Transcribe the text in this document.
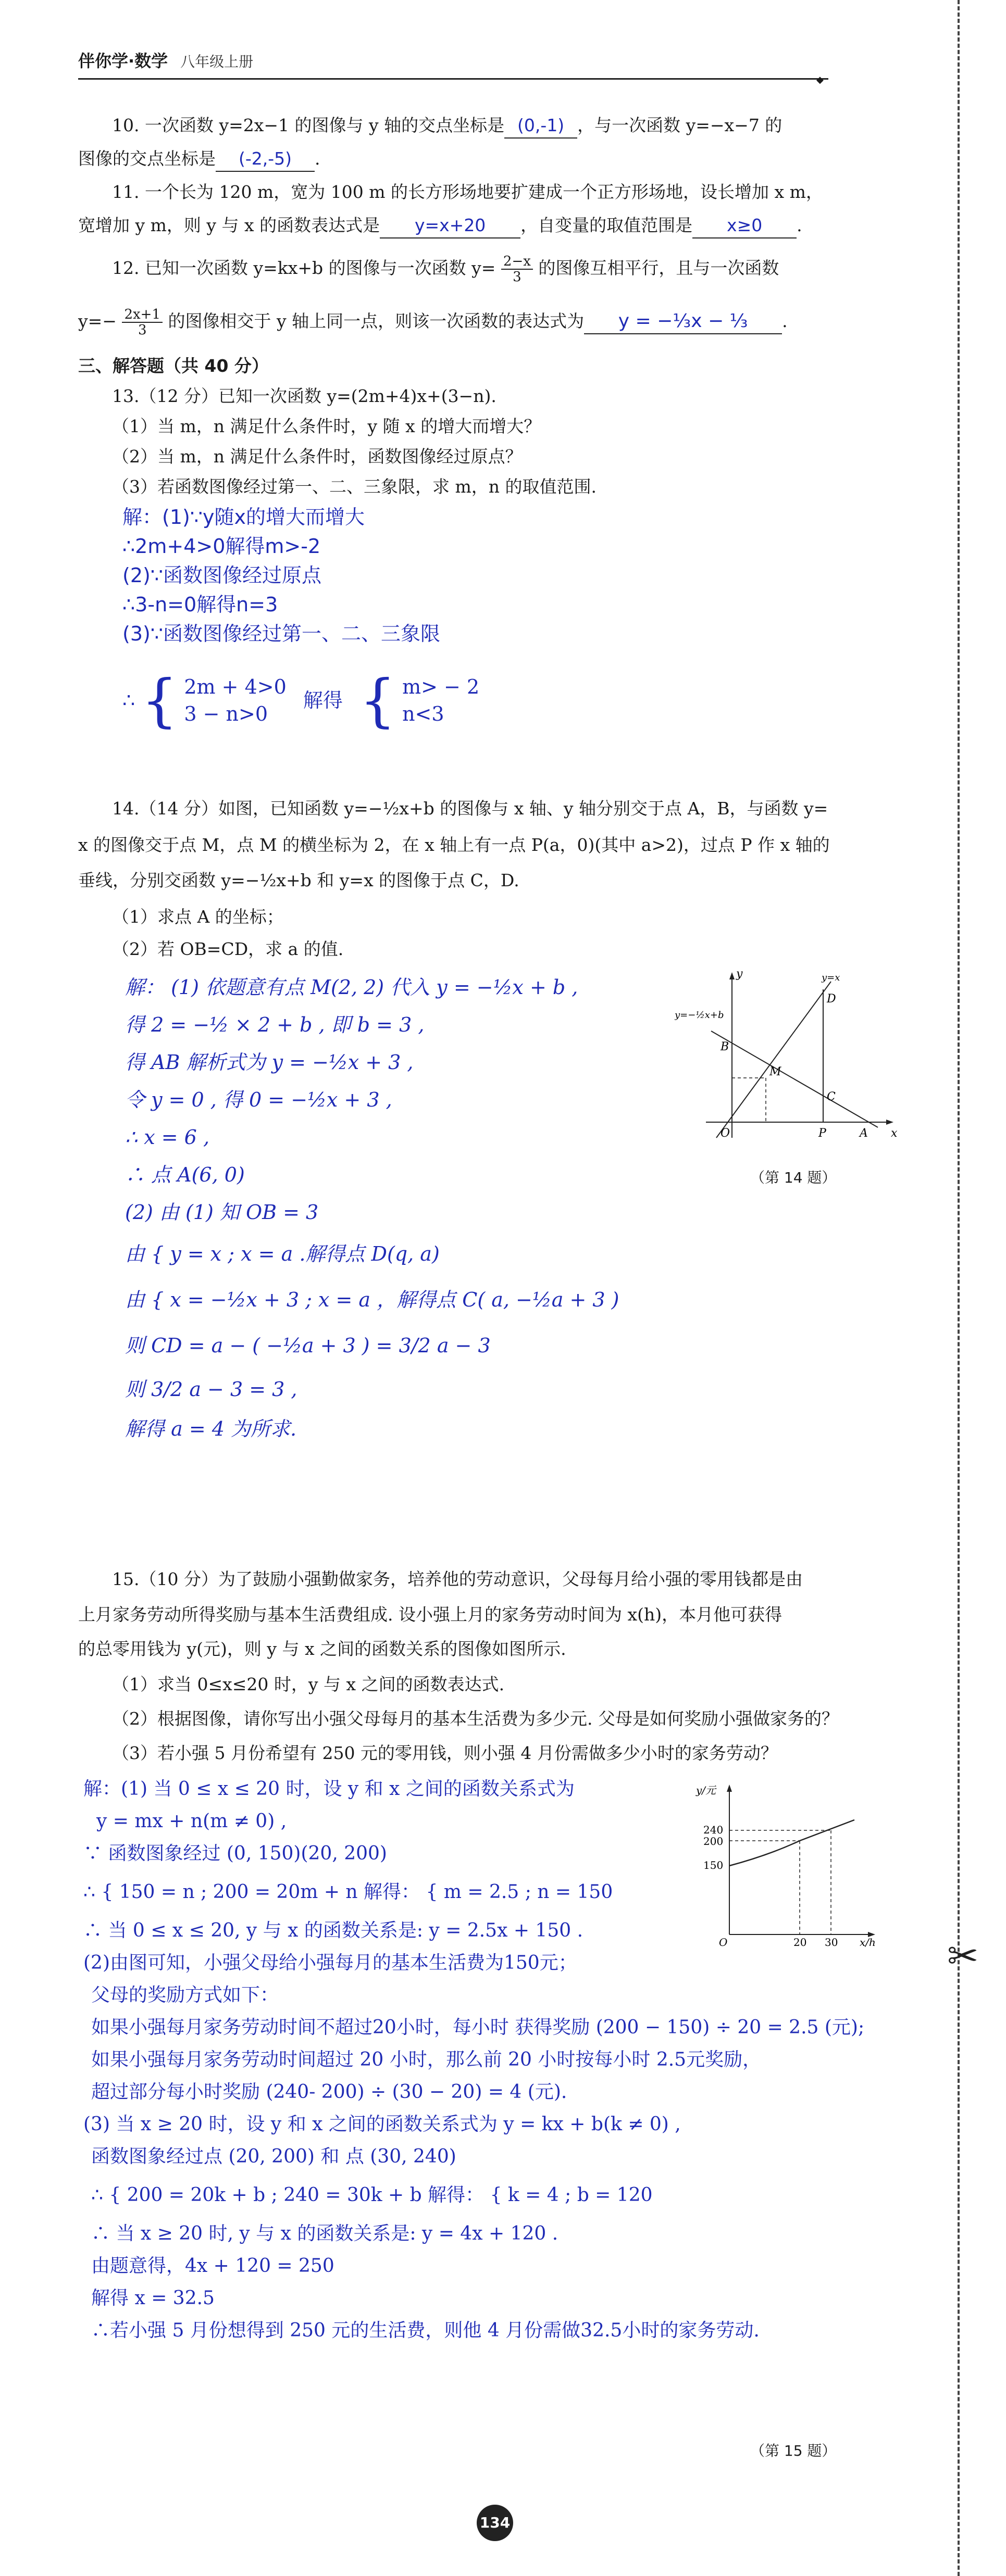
伴你学·数学 八年级上册
◆
✂
10. 一次函数 y=2x−1 的图像与 y 轴的交点坐标是 (0,-1) ，与一次函数 y=−x−7 的
图像的交点坐标是 (-2,-5) .
11. 一个长为 120 m，宽为 100 m 的长方形场地要扩建成一个正方形场地，设长增加 x m，
宽增加 y m，则 y 与 x 的函数表达式是 y=x+20 ，自变量的取值范围是 x≥0 .
12. 已知一次函数 y=kx+b 的图像与一次函数 $y= \frac{2-x}{3}$ 的图像互相平行，且与一次函数
$y=- \frac{2x+1}{3}$ 的图像相交于 y 轴上同一点，则该一次函数的表达式为 y = −⅓x − ⅓ .
三、解答题（共 40 分）
13.（12 分）已知一次函数 y=(2m+4)x+(3−n).
（1）当 m，n 满足什么条件时，y 随 x 的增大而增大？
（2）当 m，n 满足什么条件时，函数图像经过原点？
（3）若函数图像经过第一、二、三象限，求 m，n 的取值范围.
解：(1)∵y随x的增大而增大
∴2m+4>0解得m>-2
(2)∵函数图像经过原点
∴3-n=0解得n=3
(3)∵函数图像经过第一、二、三象限
∴ { 2m + 4>0
3 − n>0
解得 { m> − 2
n<3
14.（14 分）如图，已知函数 y=−½x+b 的图像与 x 轴、y 轴分别交于点 A，B，与函数 y=
x 的图像交于点 M，点 M 的横坐标为 2，在 x 轴上有一点 P(a，0)(其中 a>2)，过点 P 作 x 轴的
垂线，分别交函数 y=−½x+b 和 y=x 的图像于点 C，D.
（1）求点 A 的坐标；
（2）若 OB=CD，求 a 的值.
解： (1) 依题意有点 M(2, 2) 代入 y = −½x + b ,
得 2 = −½ × 2 + b , 即 b = 3 ,
得 AB 解析式为 y = −½x + 3 ,
令 y = 0 , 得 0 = −½x + 3 ,
∴ x = 6 ,
∴ 点 A(6, 0)
(2) 由 (1) 知 OB = 3
由 { y = x ; x = a .解得点 D(q, a)
由 { x = −½x + 3 ; x = a ，解得点 C( a, −½a + 3 )
则 CD = a − ( −½a + 3 ) = 3/2 a − 3
则 3/2 a − 3 = 3 ,
解得 a = 4 为所求.
y
x
O	A
B
M
C
D
P
y=−½x+b
y=x
（第 14 题）
15.（10 分）为了鼓励小强勤做家务，培养他的劳动意识，父母每月给小强的零用钱都是由
上月家务劳动所得奖励与基本生活费组成. 设小强上月的家务劳动时间为 x(h)，本月他可获得
的总零用钱为 y(元)，则 y 与 x 之间的函数关系的图像如图所示.
（1）求当 0≤x≤20 时，y 与 x 之间的函数表达式.
（2）根据图像，请你写出小强父母每月的基本生活费为多少元. 父母是如何奖励小强做家务的？
（3）若小强 5 月份希望有 250 元的零用钱，则小强 4 月份需做多少小时的家务劳动？
解：(1) 当 0 ≤ x ≤ 20 时，设 y 和 x 之间的函数关系式为
y = mx + n(m ≠ 0) ,
∵ 函数图象经过 (0, 150)(20, 200)
∴ { 150 = n ; 200 = 20m + n 解得： { m = 2.5 ; n = 150
∴ 当 0 ≤ x ≤ 20, y 与 x 的函数关系是: y = 2.5x + 150 .
(2)由图可知，小强父母给小强每月的基本生活费为150元；
父母的奖励方式如下：
如果小强每月家务劳动时间不超过20小时，每小时 获得奖励 (200 − 150) ÷ 20 = 2.5 (元);
如果小强每月家务劳动时间超过 20 小时，那么前 20 小时按每小时 2.5元奖励，
超过部分每小时奖励 (240- 200) ÷ (30 − 20) = 4 (元).
(3) 当 x ≥ 20 时，设 y 和 x 之间的函数关系式为 y = kx + b(k ≠ 0) ,
函数图象经过点 (20, 200) 和 点 (30, 240)
∴ { 200 = 20k + b ; 240 = 30k + b 解得： { k = 4 ; b = 120
∴ 当 x ≥ 20 时, y 与 x 的函数关系是: y = 4x + 120 .
由题意得，4x + 120 = 250
解得 x = 32.5
∴若小强 5 月份想得到 250 元的生活费，则他 4 月份需做32.5小时的家务劳动.
y/元
x/h
O
240
200
150
20 30
（第 15 题）
134
